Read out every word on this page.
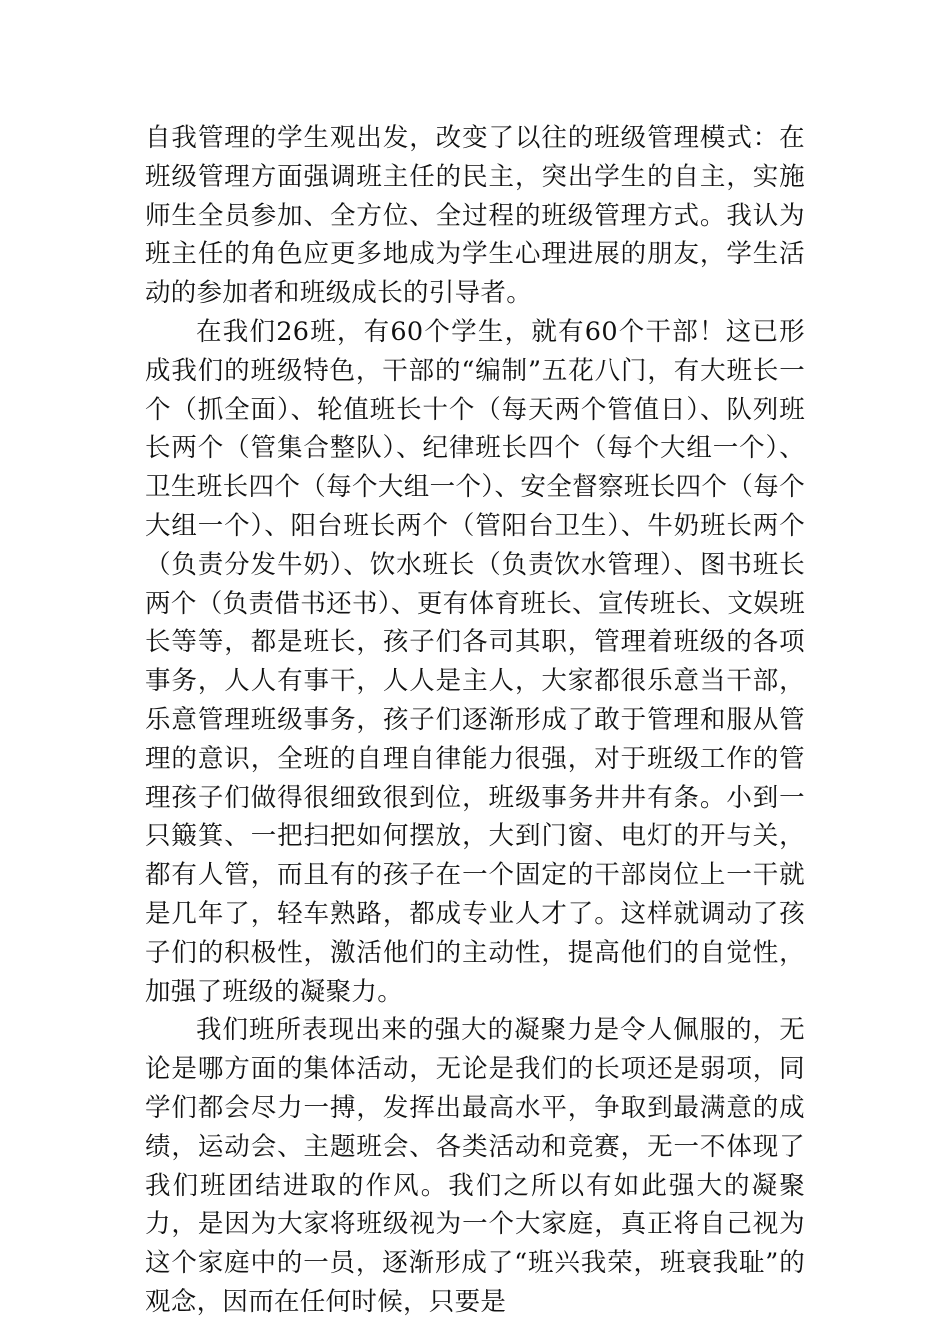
自我管理的学生观出发，改变了以往的班级管理模式：在班级管理方面强调班主任的民主，突出学生的自主，实施师生全员参加、全方位、全过程的班级管理方式。我认为班主任的角色应更多地成为学生心理进展的朋友，学生活动的参加者和班级成长的引导者。

在我们26班，有60个学生，就有60个干部！这已形成我们的班级特色，干部的“编制”五花八门，有大班长一个（抓全面）、轮值班长十个（每天两个管值日）、队列班长两个（管集合整队）、纪律班长四个（每个大组一个）、卫生班长四个（每个大组一个）、安全督察班长四个（每个大组一个）、阳台班长两个（管阳台卫生）、牛奶班长两个（负责分发牛奶）、饮水班长（负责饮水管理）、图书班长两个（负责借书还书）、更有体育班长、宣传班长、文娱班长等等，都是班长，孩子们各司其职，管理着班级的各项事务，人人有事干，人人是主人，大家都很乐意当干部，乐意管理班级事务，孩子们逐渐形成了敢于管理和服从管理的意识，全班的自理自律能力很强，对于班级工作的管理孩子们做得很细致很到位，班级事务井井有条。小到一只簸箕、一把扫把如何摆放，大到门窗、电灯的开与关，都有人管，而且有的孩子在一个固定的干部岗位上一干就是几年了，轻车熟路，都成专业人才了。这样就调动了孩子们的积极性，激活他们的主动性，提高他们的自觉性，加强了班级的凝聚力。

我们班所表现出来的强大的凝聚力是令人佩服的，无论是哪方面的集体活动，无论是我们的长项还是弱项，同学们都会尽力一搏，发挥出最高水平，争取到最满意的成绩，运动会、主题班会、各类活动和竞赛，无一不体现了我们班团结进取的作风。我们之所以有如此强大的凝聚力，是因为大家将班级视为一个大家庭，真正将自己视为这个家庭中的一员，逐渐形成了“班兴我荣，班衰我耻”的观念，因而在任何时候，只要是
